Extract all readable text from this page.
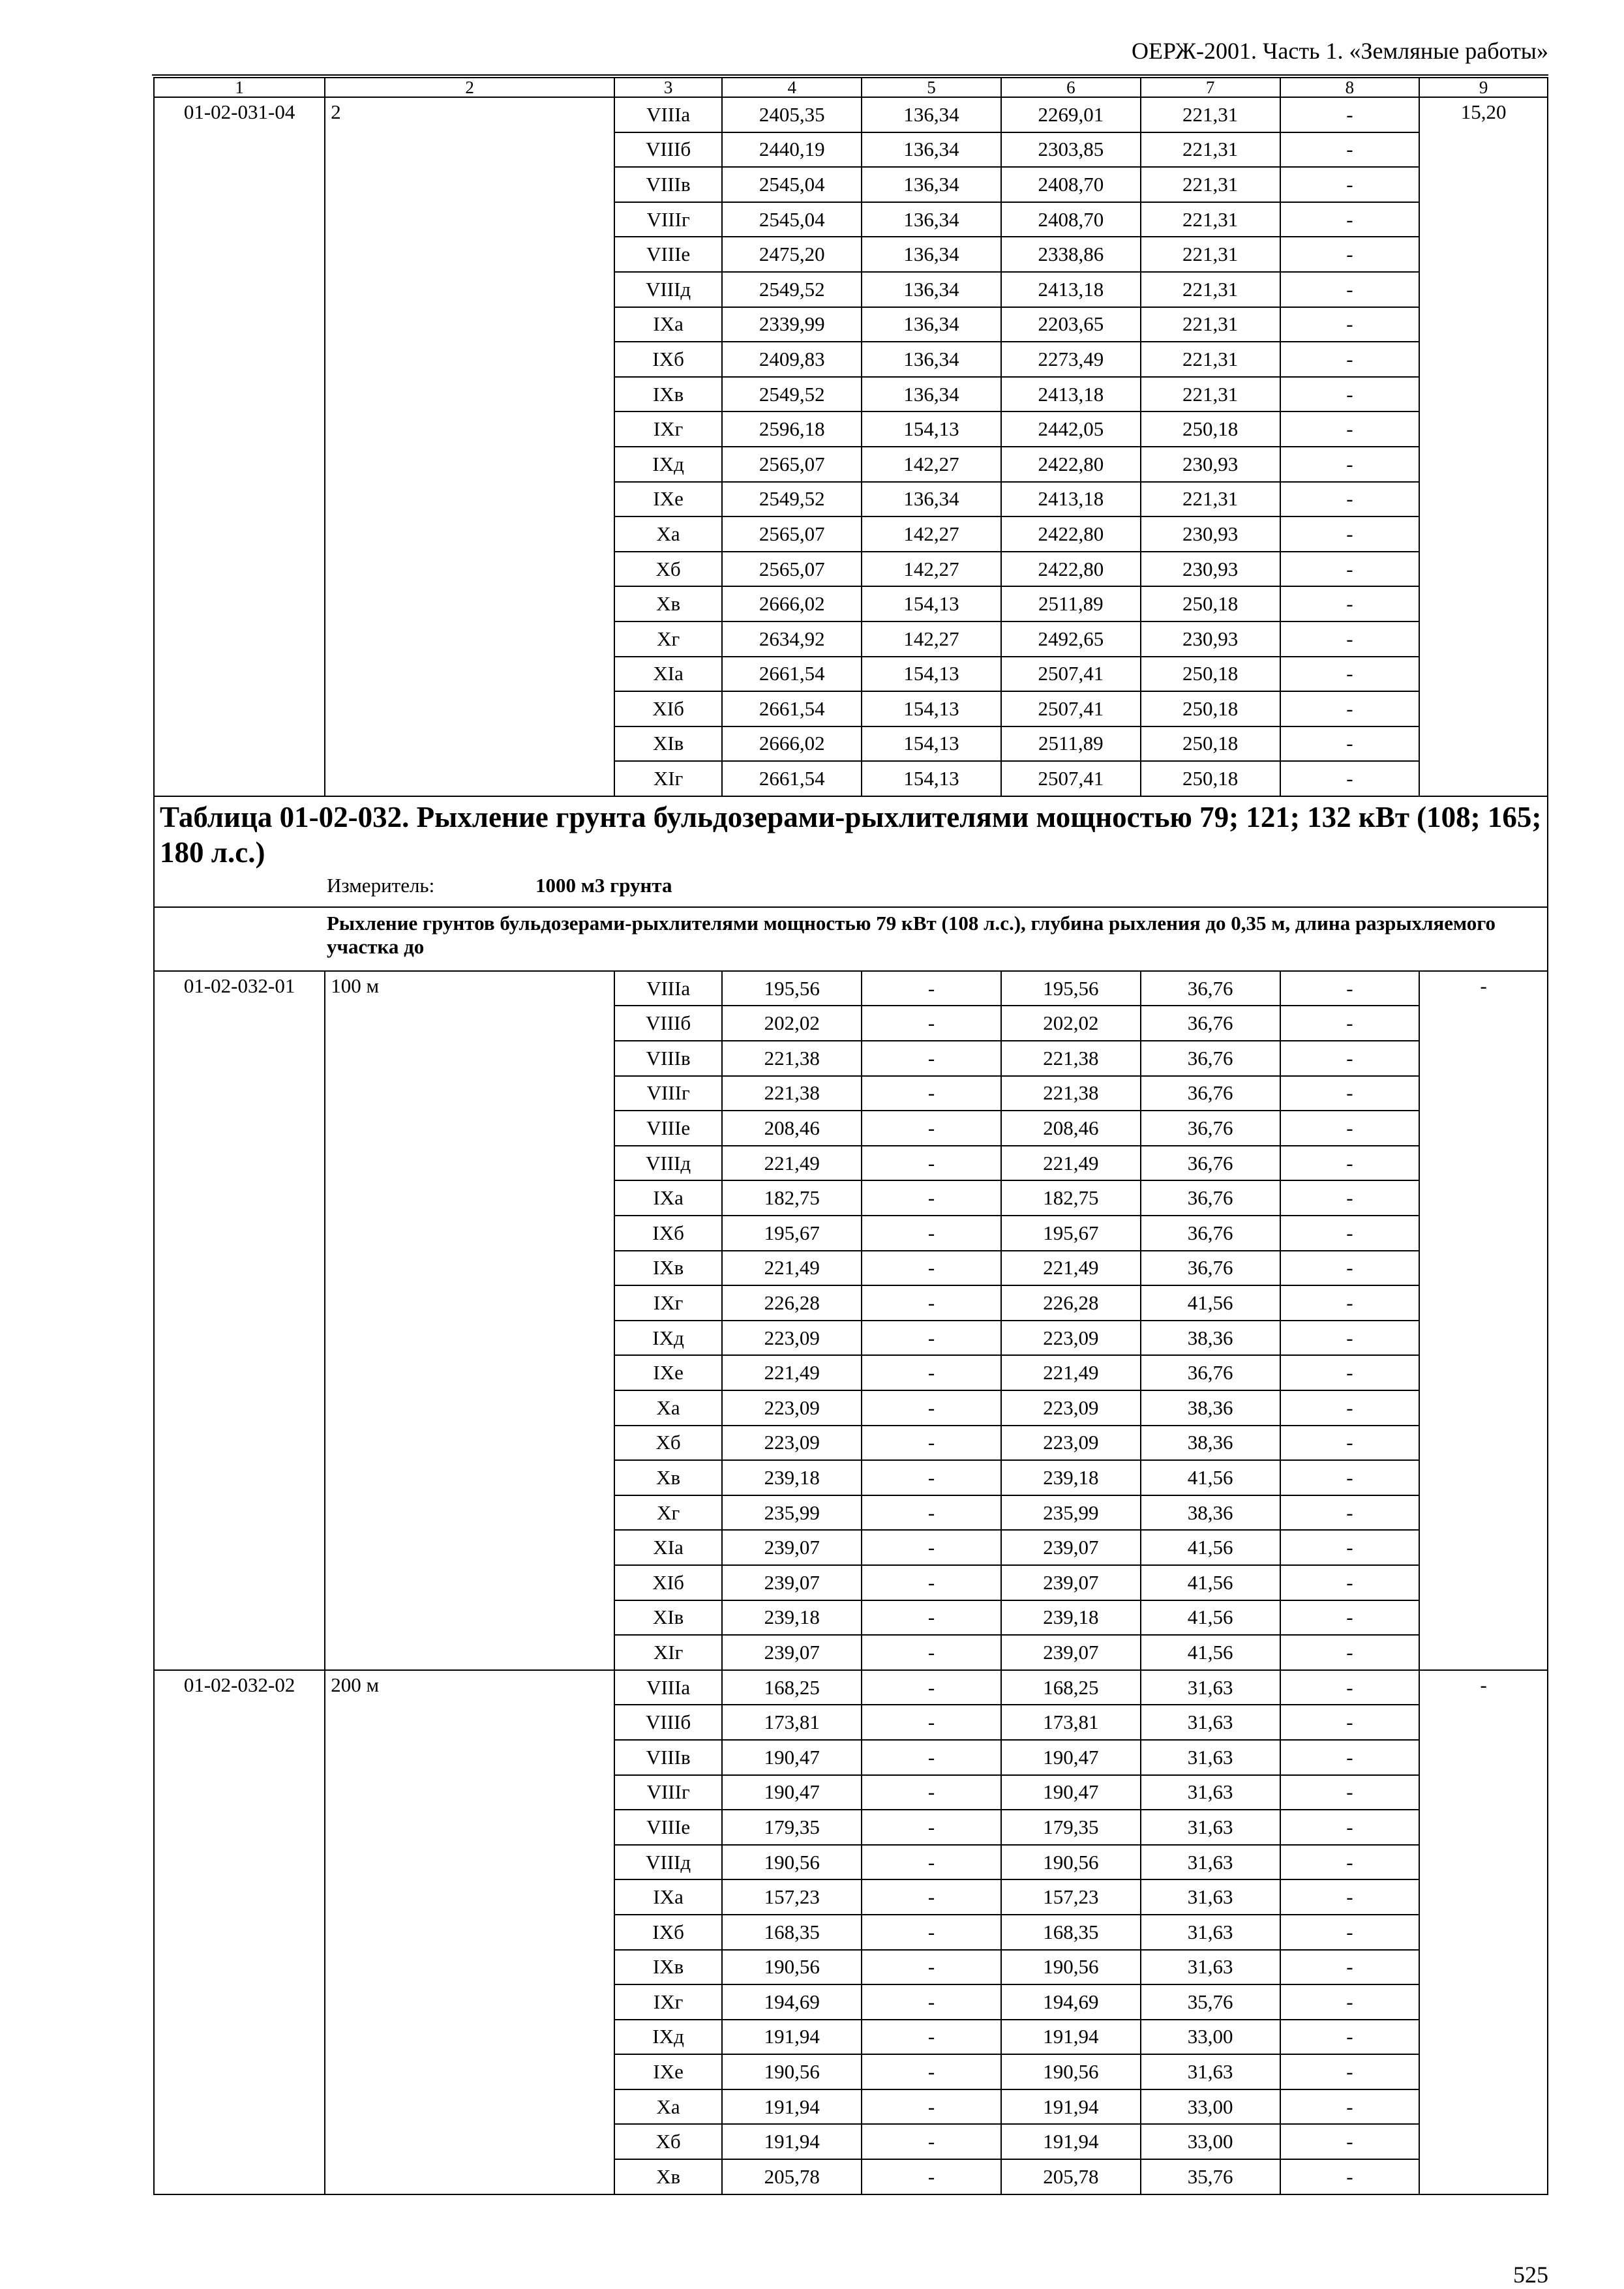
ОЕРЖ-2001. Часть 1. «Земляные работы»
1	2	3	4	5	6	7	8	9
01-02-031-04	2	VIIIа	2405,35	136,34	2269,01	221,31	-	15,20
		VIIIб	2440,19	136,34	2303,85	221,31	-	
		VIIIв	2545,04	136,34	2408,70	221,31	-	
		VIIIг	2545,04	136,34	2408,70	221,31	-	
		VIIIе	2475,20	136,34	2338,86	221,31	-	
		VIIIд	2549,52	136,34	2413,18	221,31	-	
		IXа	2339,99	136,34	2203,65	221,31	-	
		IXб	2409,83	136,34	2273,49	221,31	-	
		IXв	2549,52	136,34	2413,18	221,31	-	
		IXг	2596,18	154,13	2442,05	250,18	-	
		IXд	2565,07	142,27	2422,80	230,93	-	
		IXе	2549,52	136,34	2413,18	221,31	-	
		Xа	2565,07	142,27	2422,80	230,93	-	
		Xб	2565,07	142,27	2422,80	230,93	-	
		Xв	2666,02	154,13	2511,89	250,18	-	
		Xг	2634,92	142,27	2492,65	230,93	-	
		XIа	2661,54	154,13	2507,41	250,18	-	
		XIб	2661,54	154,13	2507,41	250,18	-	
		XIв	2666,02	154,13	2511,89	250,18	-	
		XIг	2661,54	154,13	2507,41	250,18	-	

Таблица 01-02-032. Рыхление грунта бульдозерами-рыхлителями мощностью 79; 121; 132 кВт (108; 165; 180 л.с.)
Измеритель: 1000 м3 грунта								

Рыхление грунтов бульдозерами-рыхлителями мощностью 79 кВт (108 л.с.), глубина рыхления до 0,35 м, длина разрыхляемого участка до								
01-02-032-01	100 м	VIIIа	195,56	-	195,56	36,76	-	-
		VIIIб	202,02	-	202,02	36,76	-	
		VIIIв	221,38	-	221,38	36,76	-	
		VIIIг	221,38	-	221,38	36,76	-	
		VIIIе	208,46	-	208,46	36,76	-	
		VIIIд	221,49	-	221,49	36,76	-	
		IXа	182,75	-	182,75	36,76	-	
		IXб	195,67	-	195,67	36,76	-	
		IXв	221,49	-	221,49	36,76	-	
		IXг	226,28	-	226,28	41,56	-	
		IXд	223,09	-	223,09	38,36	-	
		IXе	221,49	-	221,49	36,76	-	
		Xа	223,09	-	223,09	38,36	-	
		Xб	223,09	-	223,09	38,36	-	
		Xв	239,18	-	239,18	41,56	-	
		Xг	235,99	-	235,99	38,36	-	
		XIа	239,07	-	239,07	41,56	-	
		XIб	239,07	-	239,07	41,56	-	
		XIв	239,18	-	239,18	41,56	-	
		XIг	239,07	-	239,07	41,56	-	
01-02-032-02	200 м	VIIIа	168,25	-	168,25	31,63	-	-
		VIIIб	173,81	-	173,81	31,63	-	
		VIIIв	190,47	-	190,47	31,63	-	
		VIIIг	190,47	-	190,47	31,63	-	
		VIIIе	179,35	-	179,35	31,63	-	
		VIIIд	190,56	-	190,56	31,63	-	
		IXа	157,23	-	157,23	31,63	-	
		IXб	168,35	-	168,35	31,63	-	
		IXв	190,56	-	190,56	31,63	-	
		IXг	194,69	-	194,69	35,76	-	
		IXд	191,94	-	191,94	33,00	-	
		IXе	190,56	-	190,56	31,63	-	
		Xа	191,94	-	191,94	33,00	-	
		Xб	191,94	-	191,94	33,00	-	
		Xв	205,78	-	205,78	35,76	-	
525
